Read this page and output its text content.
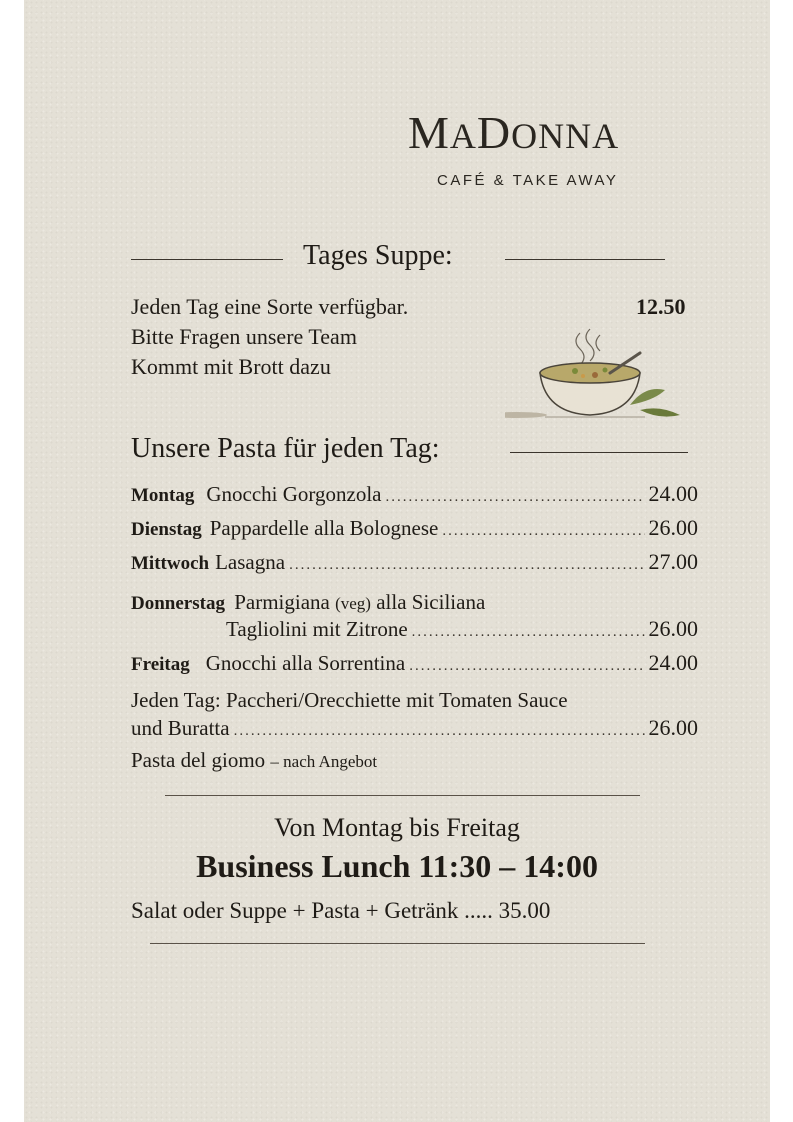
MADONNA
CAFÉ & TAKE AWAY
Tages Suppe:
Jeden Tag eine Sorte verfügbar.
Bitte Fragen unsere Team
Kommt mit Brott dazu
12.50
Unsere Pasta für jeden Tag:
Montag Gnocchi Gorgonzola .....	24.00
Dienstag Pappardelle alla Bolognese .....	26.00
Mittwoch Lasagna .....	27.00
Donnerstag Parmigiana (veg) alla Siciliana
Tagliolini mit Zitrone .....	26.00
Freitag Gnocchi alla Sorrentina .....	24.00
Jeden Tag: Paccheri/Orecchiette mit Tomaten Sauce
und Buratta .....	26.00
Pasta del giomo – nach Angebot
Von Montag bis Freitag
Business Lunch 11:30 – 14:00
Salat oder Suppe + Pasta + Getränk ..... 35.00
